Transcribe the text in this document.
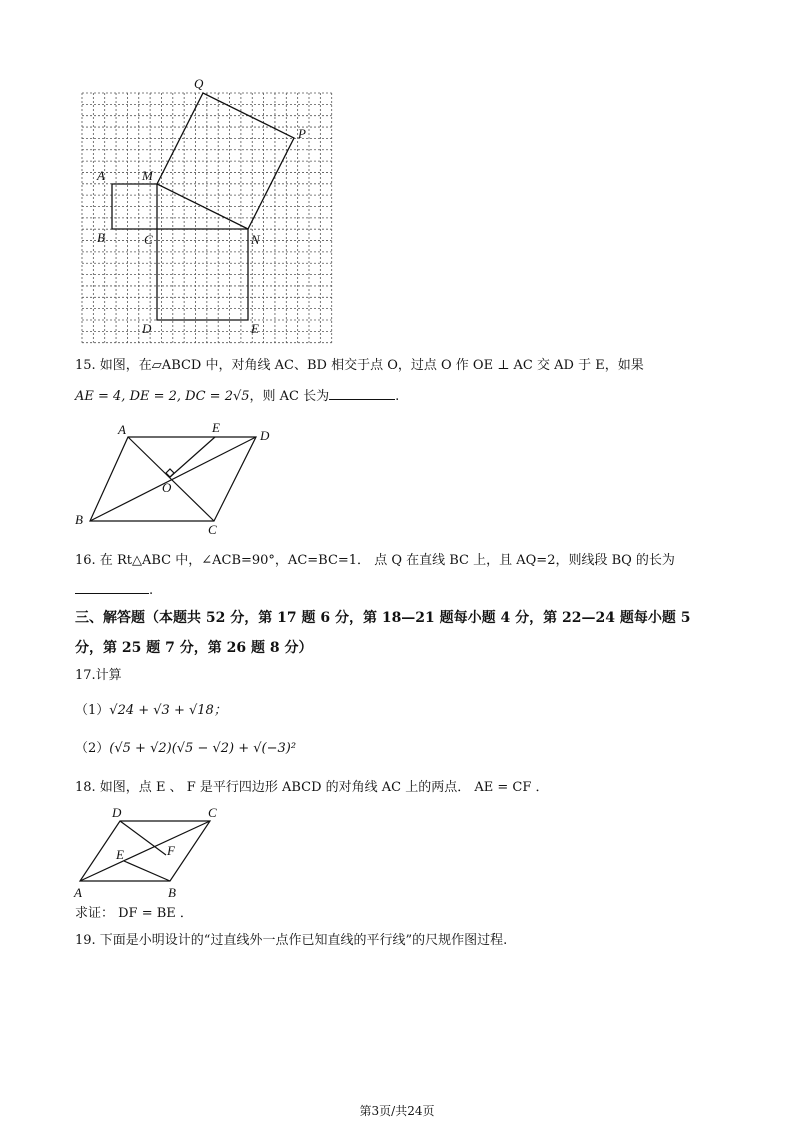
Q
P
A	M
B	C	N
D	E
15. 如图，在▱ABCD 中，对角线 AC、BD 相交于点 O，过点 O 作 OE ⊥ AC 交 AD 于 E，如果
AE = 4, DE = 2, DC = 2√5，则 AC 长为	.
A	E
D
O
B
C
16. 在 Rt△ABC 中，∠ACB=90°，AC=BC=1． 点 Q 在直线 BC 上，且 AQ=2，则线段 BQ 的长为
.
三、解答题（本题共 52 分，第 17 题 6 分，第 18—21 题每小题 4 分，第 22—24 题每小题 5
分，第 25 题 7 分，第 26 题 8 分）
17.计算
（1）√24 + √3 + √18；
（2）(√5 + √2)(√5 − √2) + √(−3)²
18. 如图，点 E 、 F 是平行四边形 ABCD 的对角线 AC 上的两点． AE = CF ．
D	C
E	F
A	B
求证： DF = BE ．
19. 下面是小明设计的“过直线外一点作已知直线的平行线”的尺规作图过程.
第3页/共24页
